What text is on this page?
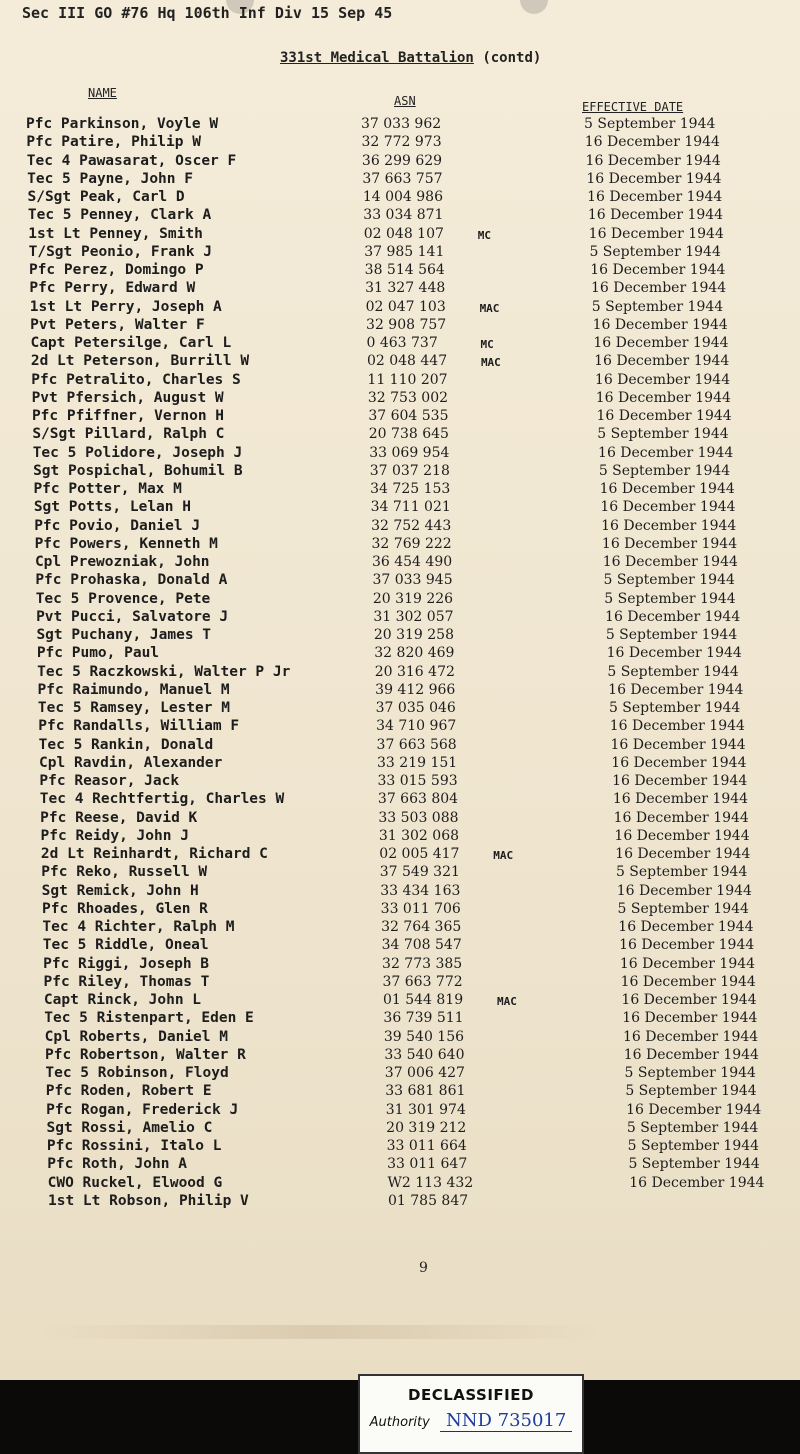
Sec III GO #76 Hq 106th Inf Div 15 Sep 45
331st Medical Battalion (contd)
NAME
ASN	EFFECTIVE DATE
Pfc Parkinson, Voyle W	37 033 962	5 September 1944
Pfc Patire, Philip W	32 772 973	16 December 1944
Tec 4 Pawasarat, Oscer F	36 299 629	16 December 1944
Tec 5 Payne, John F	37 663 757	16 December 1944
S/Sgt Peak, Carl D	14 004 986	16 December 1944
Tec 5 Penney, Clark A	33 034 871	16 December 1944
1st Lt Penney, Smith	02 048 107	MC	16 December 1944
T/Sgt Peonio, Frank J	37 985 141	5 September 1944
Pfc Perez, Domingo P	38 514 564	16 December 1944
Pfc Perry, Edward W	31 327 448	16 December 1944
1st Lt Perry, Joseph A	02 047 103	MAC	5 September 1944
Pvt Peters, Walter F	32 908 757	16 December 1944
Capt Petersilge, Carl L	0 463 737	MC	16 December 1944
2d Lt Peterson, Burrill W	02 048 447	MAC	16 December 1944
Pfc Petralito, Charles S	11 110 207	16 December 1944
Pvt Pfersich, August W	32 753 002	16 December 1944
Pfc Pfiffner, Vernon H	37 604 535	16 December 1944
S/Sgt Pillard, Ralph C	20 738 645	5 September 1944
Tec 5 Polidore, Joseph J	33 069 954	16 December 1944
Sgt Pospichal, Bohumil B	37 037 218	5 September 1944
Pfc Potter, Max M	34 725 153	16 December 1944
Sgt Potts, Lelan H	34 711 021	16 December 1944
Pfc Povio, Daniel J	32 752 443	16 December 1944
Pfc Powers, Kenneth M	32 769 222	16 December 1944
Cpl Prewozniak, John	36 454 490	16 December 1944
Pfc Prohaska, Donald A	37 033 945	5 September 1944
Tec 5 Provence, Pete	20 319 226	5 September 1944
Pvt Pucci, Salvatore J	31 302 057	16 December 1944
Sgt Puchany, James T	20 319 258	5 September 1944
Pfc Pumo, Paul	32 820 469	16 December 1944
Tec 5 Raczkowski, Walter P Jr	20 316 472	5 September 1944
Pfc Raimundo, Manuel M	39 412 966	16 December 1944
Tec 5 Ramsey, Lester M	37 035 046	5 September 1944
Pfc Randalls, William F	34 710 967	16 December 1944
Tec 5 Rankin, Donald	37 663 568	16 December 1944
Cpl Ravdin, Alexander	33 219 151	16 December 1944
Pfc Reasor, Jack	33 015 593	16 December 1944
Tec 4 Rechtfertig, Charles W	37 663 804	16 December 1944
Pfc Reese, David K	33 503 088	16 December 1944
Pfc Reidy, John J	31 302 068	16 December 1944
2d Lt Reinhardt, Richard C	02 005 417	MAC	16 December 1944
Pfc Reko, Russell W	37 549 321	5 September 1944
Sgt Remick, John H	33 434 163	16 December 1944
Pfc Rhoades, Glen R	33 011 706	5 September 1944
Tec 4 Richter, Ralph M	32 764 365	16 December 1944
Tec 5 Riddle, Oneal	34 708 547	16 December 1944
Pfc Riggi, Joseph B	32 773 385	16 December 1944
Pfc Riley, Thomas T	37 663 772	16 December 1944
Capt Rinck, John L	01 544 819	MAC	16 December 1944
Tec 5 Ristenpart, Eden E	36 739 511	16 December 1944
Cpl Roberts, Daniel M	39 540 156	16 December 1944
Pfc Robertson, Walter R	33 540 640	16 December 1944
Tec 5 Robinson, Floyd	37 006 427	5 September 1944
Pfc Roden, Robert E	33 681 861	5 September 1944
Pfc Rogan, Frederick J	31 301 974	16 December 1944
Sgt Rossi, Amelio C	20 319 212	5 September 1944
Pfc Rossini, Italo L	33 011 664	5 September 1944
Pfc Roth, John A	33 011 647	5 September 1944
CWO Ruckel, Elwood G	W2 113 432	16 December 1944
1st Lt Robson, Philip V	01 785 847
9
DECLASSIFIED
Authority NND 735017
